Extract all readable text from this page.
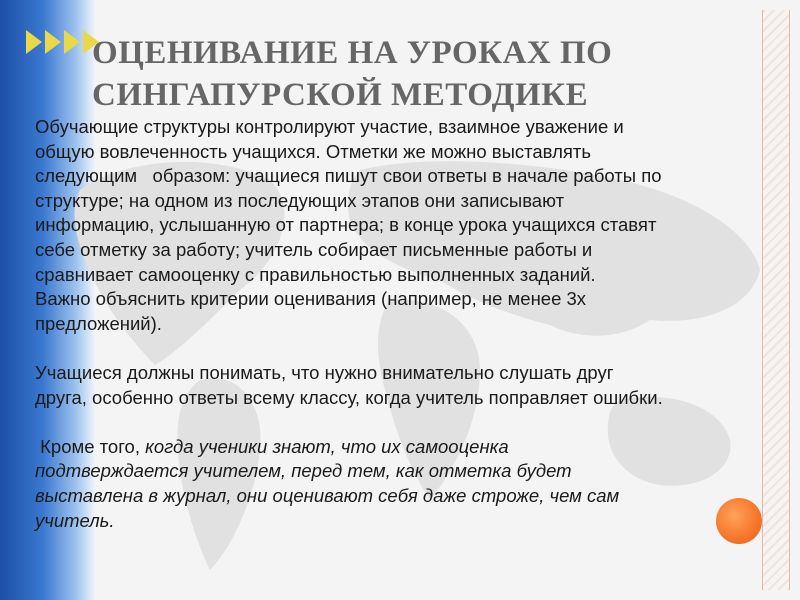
ОЦЕНИВАНИЕ НА УРОКАХ ПО
СИНГАПУРСКОЙ МЕТОДИКЕ

Обучающие структуры контролируют участие, взаимное уважение и

общую вовлеченность учащихся. Отметки же можно выставлять

следующим   образом: учащиеся пишут свои ответы в начале работы по

структуре; на одном из последующих этапов они записывают

информацию, услышанную от партнера; в конце урока учащихся ставят

себе отметку за работу; учитель собирает письменные работы и

сравнивает самооценку с правильностью выполненных заданий.

Важно объяснить критерии оценивания (например, не менее 3х

предложений).

Учащиеся должны понимать, что нужно внимательно слушать друг

друга, особенно ответы всему классу, когда учитель поправляет ошибки.

Кроме того, когда ученики знают, что их самооценка

подтверждается учителем, перед тем, как отметка будет

выставлена в журнал, они оценивают себя даже строже, чем сам

учитель.
